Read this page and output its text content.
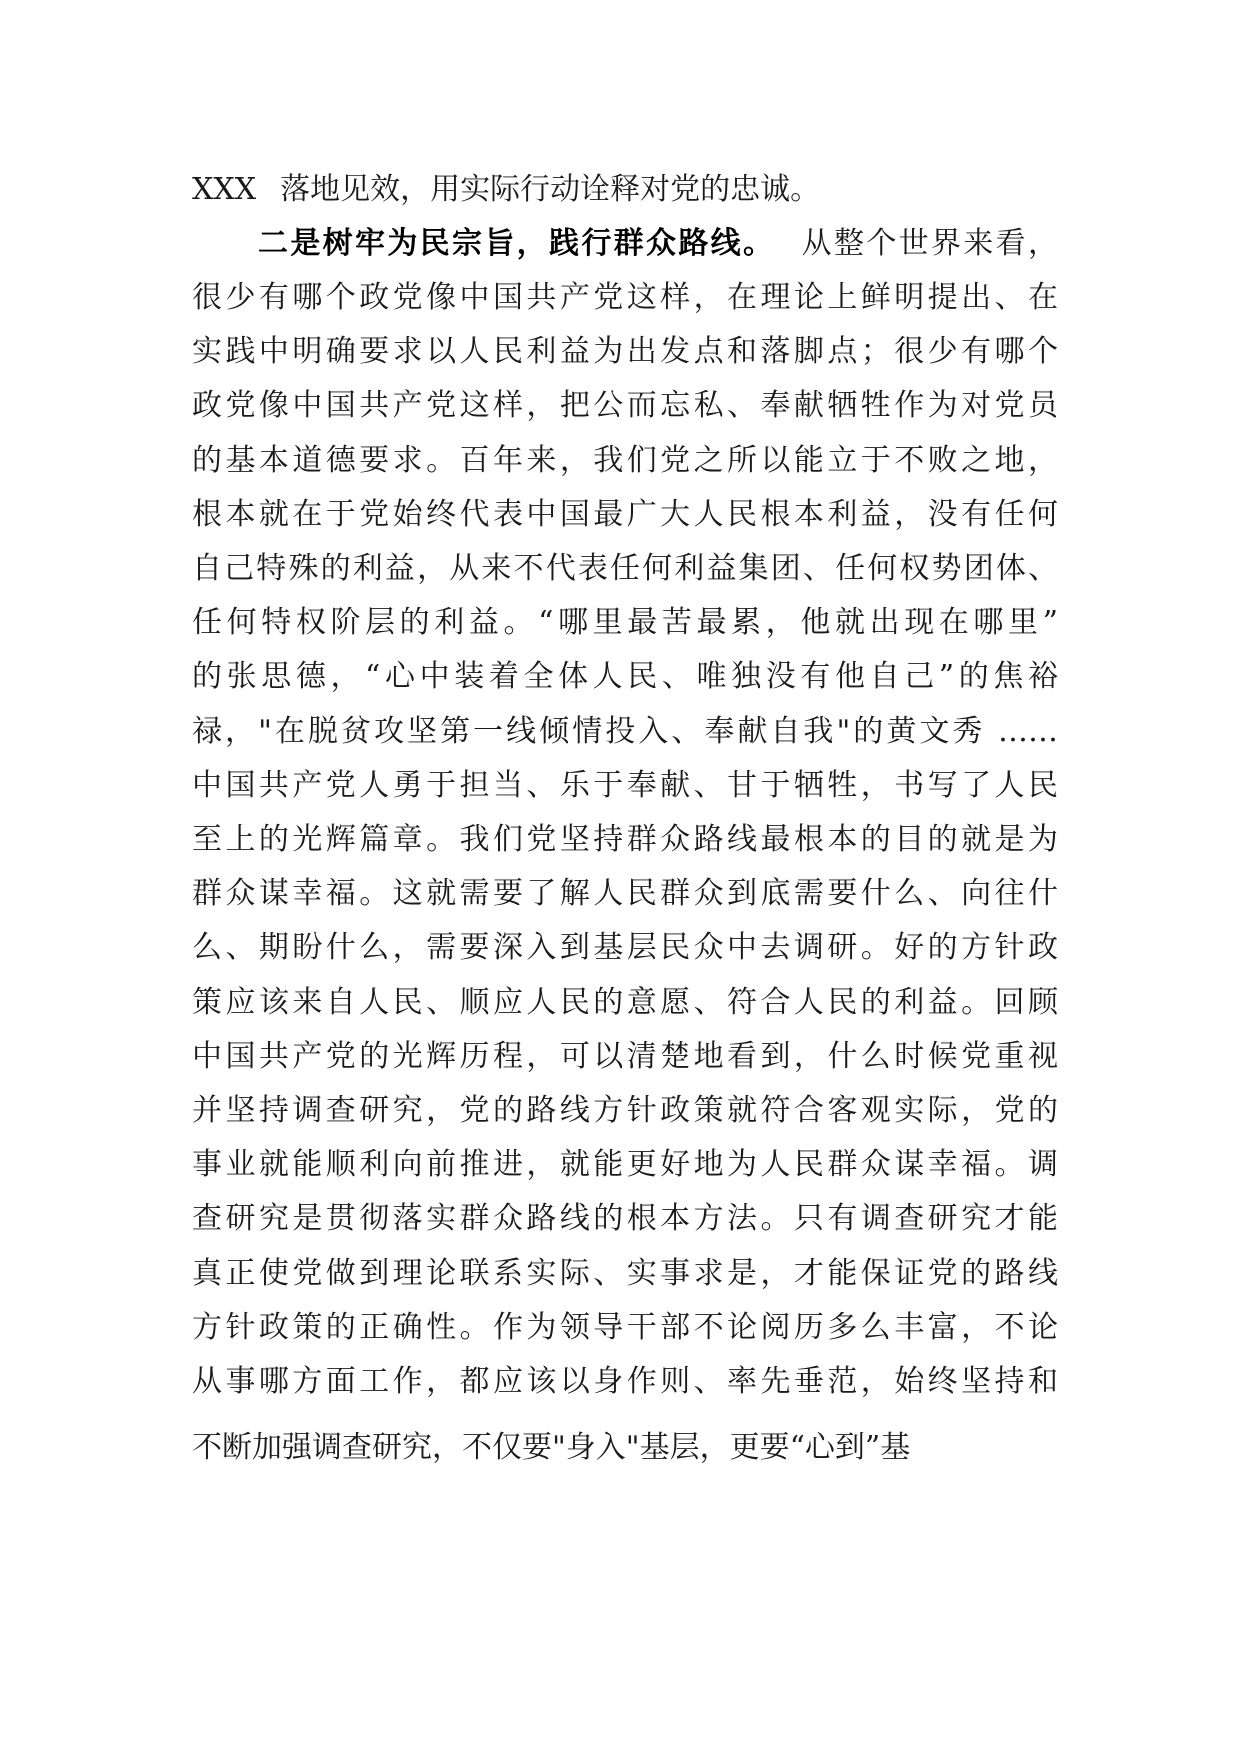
XXX 落地见效，用实际行动诠释对党的忠诚。
二是树牢为民宗旨，践行群众路线。 从整个世界来看，
很少有哪个政党像中国共产党这样，在理论上鲜明提出、在
实践中明确要求以人民利益为出发点和落脚点；很少有哪个
政党像中国共产党这样，把公而忘私、奉献牺牲作为对党员
的基本道德要求。百年来，我们党之所以能立于不败之地，
根本就在于党始终代表中国最广大人民根本利益，没有任何
自己特殊的利益，从来不代表任何利益集团、任何权势团体、
任何特权阶层的利益。“哪里最苦最累，他就出现在哪里”
的张思德，“心中装着全体人民、唯独没有他自己”的焦裕
禄，"在脱贫攻坚第一线倾情投入、奉献自我"的黄文秀 ……
中国共产党人勇于担当、乐于奉献、甘于牺牲，书写了人民
至上的光辉篇章。我们党坚持群众路线最根本的目的就是为
群众谋幸福。这就需要了解人民群众到底需要什么、向往什
么、期盼什么，需要深入到基层民众中去调研。好的方针政
策应该来自人民、顺应人民的意愿、符合人民的利益。回顾
中国共产党的光辉历程，可以清楚地看到，什么时候党重视
并坚持调查研究，党的路线方针政策就符合客观实际，党的
事业就能顺利向前推进，就能更好地为人民群众谋幸福。调
查研究是贯彻落实群众路线的根本方法。只有调查研究才能
真正使党做到理论联系实际、实事求是，才能保证党的路线
方针政策的正确性。作为领导干部不论阅历多么丰富，不论
从事哪方面工作，都应该以身作则、率先垂范，始终坚持和
不断加强调查研究，不仅要"身入"基层，更要“心到”基
